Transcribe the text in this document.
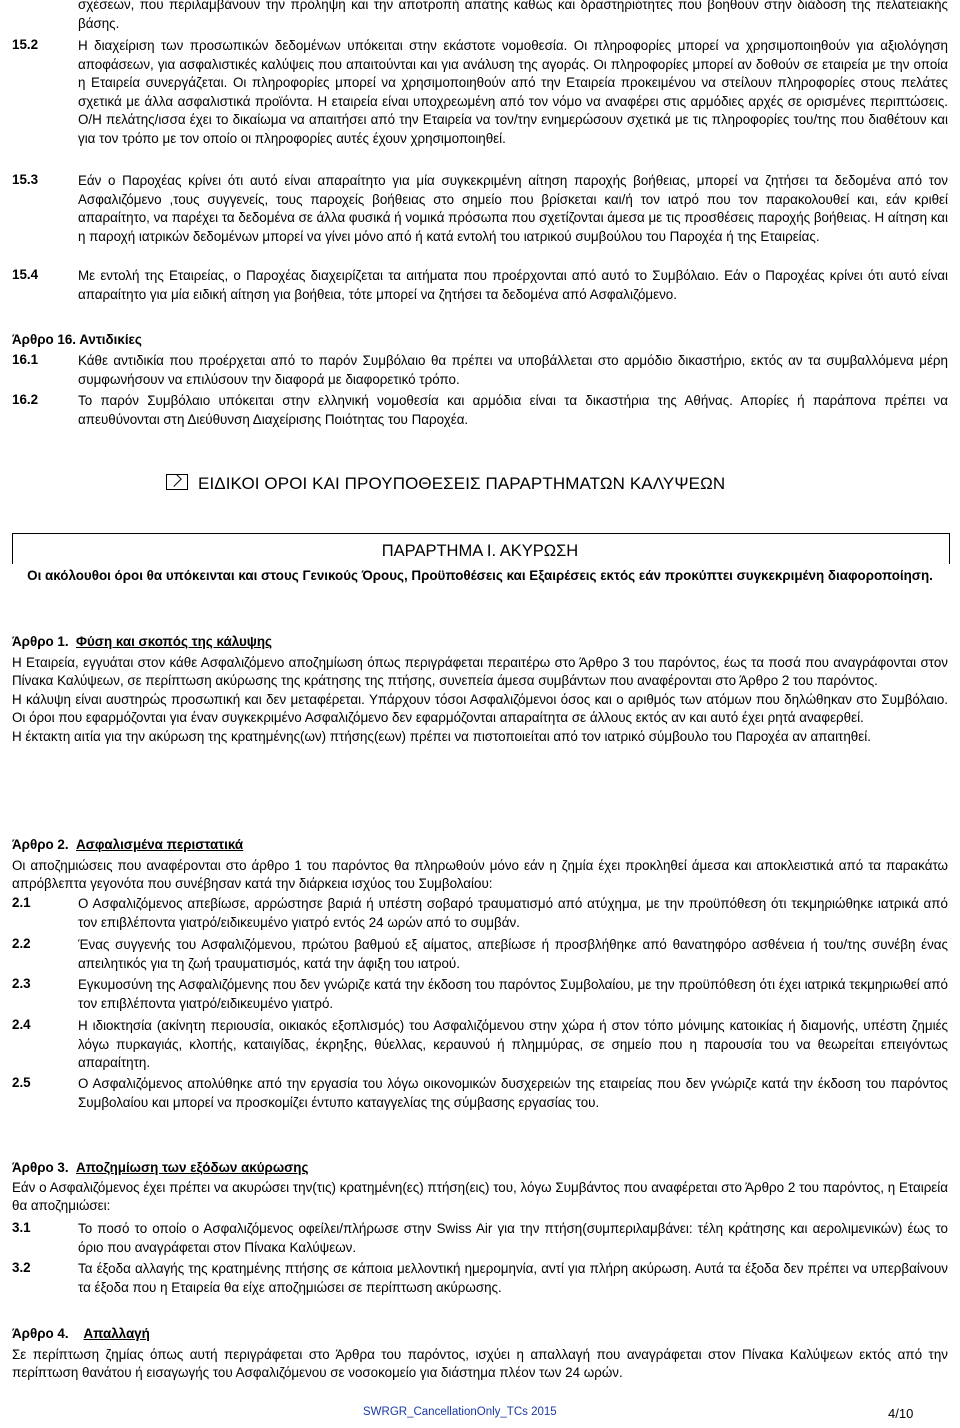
σχέσεων, που περιλαμβάνουν την πρόληψη και την αποτροπή απάτης καθώς και δραστηριότητες που βοηθούν στην διάδοση της πελατειακής βάσης.

15.2	Η διαχείριση των προσωπικών δεδομένων υπόκειται στην εκάστοτε νομοθεσία. Οι πληροφορίες μπορεί να χρησιμοποιηθούν για αξιολόγηση αποφάσεων, για ασφαλιστικές καλύψεις που απαιτούνται και για ανάλυση της αγοράς. Οι πληροφορίες μπορεί αν δοθούν σε εταιρεία με την οποία η Εταιρεία συνεργάζεται. Οι πληροφορίες μπορεί να χρησιμοποιηθούν από την Εταιρεία προκειμένου να στείλουν πληροφορίες στους πελάτες σχετικά με άλλα ασφαλιστικά προϊόντα. Η εταιρεία είναι υποχρεωμένη από τον νόμο να αναφέρει στις αρμόδιες αρχές σε ορισμένες περιπτώσεις. Ο/Η πελάτης/ισσα έχει το δικαίωμα να απαιτήσει από την Εταιρεία να τον/την ενημερώσουν σχετικά με τις πληροφορίες του/της που διαθέτουν και για τον τρόπο με τον οποίο οι πληροφορίες αυτές έχουν χρησιμοποιηθεί.

15.3	Εάν ο Παροχέας κρίνει ότι αυτό είναι απαραίτητο για μία συγκεκριμένη αίτηση παροχής βοήθειας, μπορεί να ζητήσει τα δεδομένα από τον Ασφαλιζόμενο ,τους συγγενείς, τους παροχείς βοήθειας στο σημείο που βρίσκεται και/ή τον ιατρό που τον παρακολουθεί και, εάν κριθεί απαραίτητο, να παρέχει τα δεδομένα σε άλλα φυσικά ή νομικά πρόσωπα που σχετίζονται άμεσα με τις προσθέσεις παροχής βοήθειας. Η αίτηση και η παροχή ιατρικών δεδομένων μπορεί να γίνει μόνο από ή κατά εντολή του ιατρικού συμβούλου του Παροχέα ή της Εταιρείας.

15.4	Με εντολή της Εταιρείας, ο Παροχέας διαχειρίζεται τα αιτήματα που προέρχονται από αυτό το Συμβόλαιο. Εάν ο Παροχέας κρίνει ότι αυτό είναι απαραίτητο για μία ειδική αίτηση για βοήθεια, τότε μπορεί να ζητήσει τα δεδομένα από Ασφαλιζόμενο.

Άρθρο 16. Αντιδικίες

16.1	Κάθε αντιδικία που προέρχεται από το παρόν Συμβόλαιο θα πρέπει να υποβάλλεται στο αρμόδιο δικαστήριο, εκτός αν τα συμβαλλόμενα μέρη συμφωνήσουν να επιλύσουν την διαφορά με διαφορετικό τρόπο.

16.2	Το παρόν Συμβόλαιο υπόκειται στην ελληνική νομοθεσία και αρμόδια είναι τα δικαστήρια της Αθήνας. Απορίες ή παράπονα πρέπει να απευθύνονται στη Διεύθυνση Διαχείρισης Ποιότητας του Παροχέα.

ΕΙΔΙΚΟΙ ΟΡΟΙ ΚΑΙ ΠΡΟΥΠΟΘΕΣΕΙΣ ΠΑΡΑΡΤΗΜΑΤΩΝ ΚΑΛΥΨΕΩΝ
ΠΑΡΑΡΤΗΜΑ Ι. ΑΚΥΡΩΣΗ
Οι ακόλουθοι όροι θα υπόκεινται και στους Γενικούς Όρους, Προϋποθέσεις και Εξαιρέσεις εκτός εάν προκύπτει συγκεκριμένη διαφοροποίηση.

Άρθρο 1. Φύση και σκοπός της κάλυψης

Η Εταιρεία, εγγυάται στον κάθε Ασφαλιζόμενο αποζημίωση όπως περιγράφεται περαιτέρω στο Άρθρο 3 του παρόντος, έως τα ποσά που αναγράφονται στον Πίνακα Καλύψεων, σε περίπτωση ακύρωσης της κράτησης της πτήσης, συνεπεία άμεσα συμβάντων που αναφέρονται στο Άρθρο 2 του παρόντος.

Η κάλυψη είναι αυστηρώς προσωπική και δεν μεταφέρεται. Υπάρχουν τόσοι Ασφαλιζόμενοι όσος και ο αριθμός των ατόμων που δηλώθηκαν στο Συμβόλαιο. Οι όροι που εφαρμόζονται για έναν συγκεκριμένο Ασφαλιζόμενο δεν εφαρμόζονται απαραίτητα σε άλλους εκτός αν και αυτό έχει ρητά αναφερθεί.

Η έκτακτη αιτία για την ακύρωση της κρατημένης(ων) πτήσης(εων) πρέπει να πιστοποιείται από τον ιατρικό σύμβουλο του Παροχέα αν απαιτηθεί.

Άρθρο 2. Ασφαλισμένα περιστατικά

Οι αποζημιώσεις που αναφέρονται στο άρθρο 1 του παρόντος θα πληρωθούν μόνο εάν η ζημία έχει προκληθεί άμεσα και αποκλειστικά από τα παρακάτω απρόβλεπτα γεγονότα που συνέβησαν κατά την διάρκεια ισχύος του Συμβολαίου:

2.1	Ο Ασφαλιζόμενος απεβίωσε, αρρώστησε βαριά ή υπέστη σοβαρό τραυματισμό από ατύχημα, με την προϋπόθεση ότι τεκμηριώθηκε ιατρικά από τον επιβλέποντα γιατρό/ειδικευμένο γιατρό εντός 24 ωρών από το συμβάν.

2.2	Ένας συγγενής του Ασφαλιζόμενου, πρώτου βαθμού εξ αίματος, απεβίωσε ή προσβλήθηκε από θανατηφόρο ασθένεια ή του/της συνέβη ένας απειλητικός για τη ζωή τραυματισμός, κατά την άφιξη του ιατρού.

2.3	Εγκυμοσύνη της Ασφαλιζόμενης που δεν γνώριζε κατά την έκδοση του παρόντος Συμβολαίου, με την προϋπόθεση ότι έχει ιατρικά τεκμηριωθεί από τον επιβλέποντα γιατρό/ειδικευμένο γιατρό.

2.4	Η ιδιοκτησία (ακίνητη περιουσία, οικιακός εξοπλισμός) του Ασφαλιζόμενου στην χώρα ή στον τόπο μόνιμης κατοικίας ή διαμονής, υπέστη ζημιές λόγω πυρκαγιάς, κλοπής, καταιγίδας, έκρηξης, θύελλας, κεραυνού ή πλημμύρας, σε σημείο που η παρουσία του να θεωρείται επειγόντως απαραίτητη.

2.5	Ο Ασφαλιζόμενος απολύθηκε από την εργασία του λόγω οικονομικών δυσχερειών της εταιρείας που δεν γνώριζε κατά την έκδοση του παρόντος Συμβολαίου και μπορεί να προσκομίζει έντυπο καταγγελίας της σύμβασης εργασίας του.

Άρθρο 3. Αποζημίωση των εξόδων ακύρωσης

Εάν ο Ασφαλιζόμενος έχει πρέπει να ακυρώσει την(τις) κρατημένη(ες) πτήση(εις) του, λόγω Συμβάντος που αναφέρεται στο Άρθρο 2 του παρόντος, η Εταιρεία θα αποζημιώσει:

3.1	Το ποσό το οποίο ο Ασφαλιζόμενος οφείλει/πλήρωσε στην Swiss Air για την πτήση(συμπεριλαμβάνει: τέλη κράτησης και αερολιμενικών) έως το όριο που αναγράφεται στον Πίνακα Καλύψεων.

3.2	Τα έξοδα αλλαγής της κρατημένης πτήσης σε κάποια μελλοντική ημερομηνία, αντί για πλήρη ακύρωση. Αυτά τα έξοδα δεν πρέπει να υπερβαίνουν τα έξοδα που η Εταιρεία θα είχε αποζημιώσει σε περίπτωση ακύρωσης.

Άρθρο 4. Απαλλαγή

Σε περίπτωση ζημίας όπως αυτή περιγράφεται στο Άρθρα του παρόντος, ισχύει η απαλλαγή που αναγράφεται στον Πίνακα Καλύψεων εκτός από την περίπτωση θανάτου ή εισαγωγής του Ασφαλιζόμενου σε νοσοκομείο για διάστημα πλέον των 24 ωρών.

SWRGR_CancellationOnly_TCs 2015	4/10
